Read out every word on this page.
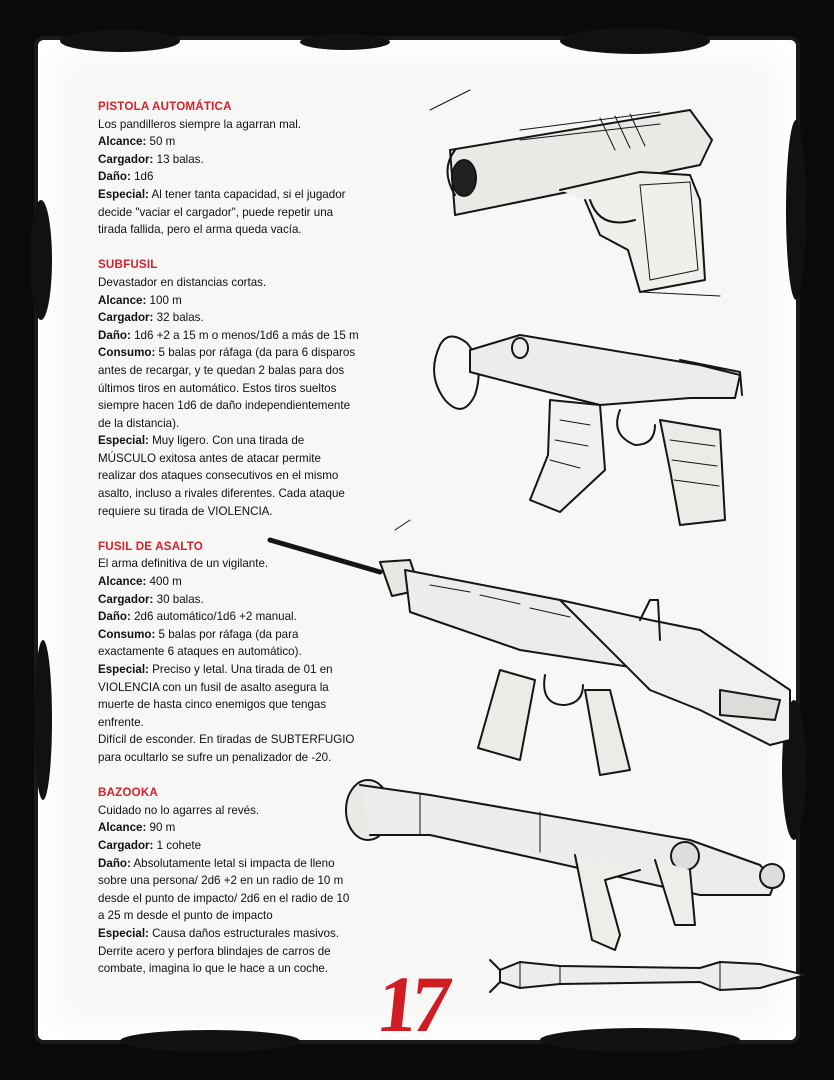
PISTOLA AUTOMÁTICA
Los pandilleros siempre la agarran mal.
Alcance: 50 m
Cargador: 13 balas.
Daño: 1d6
Especial: Al tener tanta capacidad, si el jugador
decide "vaciar el cargador", puede repetir una
tirada fallida, pero el arma queda vacía.
SUBFUSIL
Devastador en distancias cortas.
Alcance: 100 m
Cargador: 32 balas.
Daño: 1d6 +2 a 15 m o menos/1d6 a más de 15 m
Consumo: 5 balas por ráfaga (da para 6 disparos
antes de recargar, y te quedan 2 balas para dos
últimos tiros en automático. Estos tiros sueltos
siempre hacen 1d6 de daño independientemente
de la distancia).
Especial: Muy ligero. Con una tirada de
MÚSCULO exitosa antes de atacar permite
realizar dos ataques consecutivos en el mismo
asalto, incluso a rivales diferentes. Cada ataque
requiere su tirada de VIOLENCIA.
FUSIL DE ASALTO
El arma definitiva de un vigilante.
Alcance: 400 m
Cargador: 30 balas.
Daño: 2d6 automático/1d6 +2 manual.
Consumo: 5 balas por ráfaga (da para
exactamente 6 ataques en automático).
Especial: Preciso y letal. Una tirada de 01 en
VIOLENCIA con un fusil de asalto asegura la
muerte de hasta cinco enemigos que tengas
enfrente.
Difícil de esconder. En tiradas de SUBTERFUGIO
para ocultarlo se sufre un penalizador de -20.
BAZOOKA
Cuidado no lo agarres al revés.
Alcance: 90 m
Cargador: 1 cohete
Daño: Absolutamente letal si impacta de lleno
sobre una persona/ 2d6 +2 en un radio de 10 m
desde el punto de impacto/ 2d6 en el radio de 10
a 25 m desde el punto de impacto
Especial: Causa daños estructurales masivos.
Derrite acero y perfora blindajes de carros de
combate, imagina lo que le hace a un coche. 17
